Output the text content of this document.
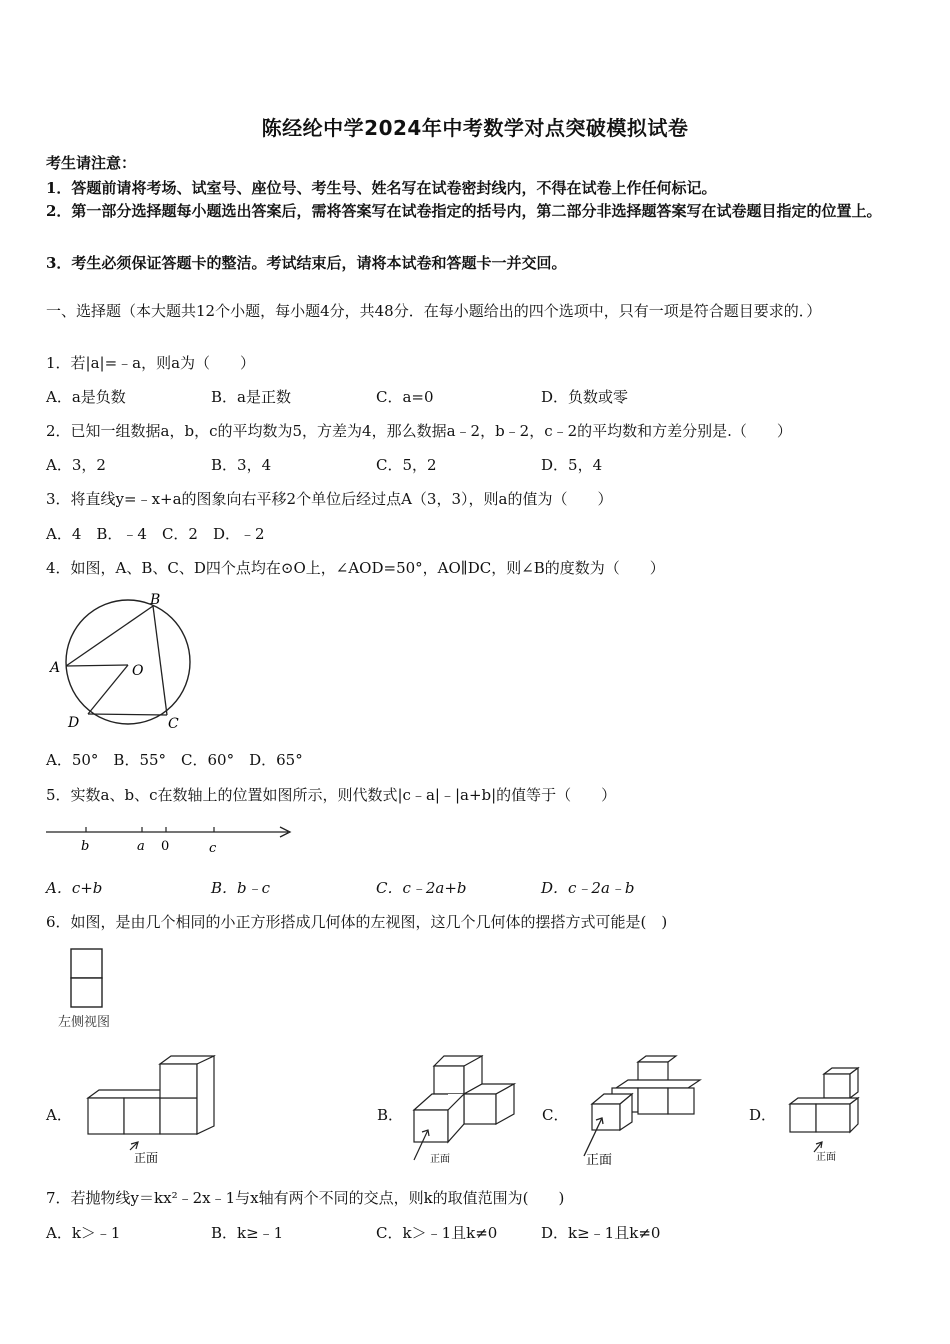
陈经纶中学2024年中考数学对点突破模拟试卷
考生请注意：
1．答题前请将考场、试室号、座位号、考生号、姓名写在试卷密封线内，不得在试卷上作任何标记。
2．第一部分选择题每小题选出答案后，需将答案写在试卷指定的括号内，第二部分非选择题答案写在试卷题目指定的位置上。
3．考生必须保证答题卡的整洁。考试结束后，请将本试卷和答题卡一并交回。
一、选择题（本大题共12个小题，每小题4分，共48分．在每小题给出的四个选项中，只有一项是符合题目要求的．）
1．若|a|=﹣a，则a为（　　）
A．a是负数	B．a是正数	C．a=0	D．负数或零
2．已知一组数据a，b，c的平均数为5，方差为4，那么数据a﹣2，b﹣2，c﹣2的平均数和方差分别是.（　　）
A．3，2	B．3，4	C．5，2	D．5，4
3．将直线y=﹣x+a的图象向右平移2个单位后经过点A（3，3），则a的值为（　　）
A．4　B．﹣4　C．2　D．﹣2
4．如图，A、B、C、D四个点均在⊙O上，∠AOD=50°，AO∥DC，则∠B的度数为（　　）
A
B
O
D	C
A．50°　B．55°　C．60°　D．65°
5．实数a、b、c在数轴上的位置如图所示，则代数式|c﹣a|﹣|a+b|的值等于（　　）
b	a 0	c
A．c+b	B．b﹣c	C．c﹣2a+b	D．c﹣2a﹣b
6．如图，是由几个相同的小正方形搭成几何体的左视图，这几个几何体的摆搭方式可能是(　)
左侧视图
A．
正面
B．
正面
C．
正面
D．
正面
7．若抛物线y＝kx²﹣2x﹣1与x轴有两个不同的交点，则k的取值范围为(　　)
A．k＞﹣1	B．k≥﹣1	C．k＞﹣1且k≠0	D．k≥﹣1且k≠0
